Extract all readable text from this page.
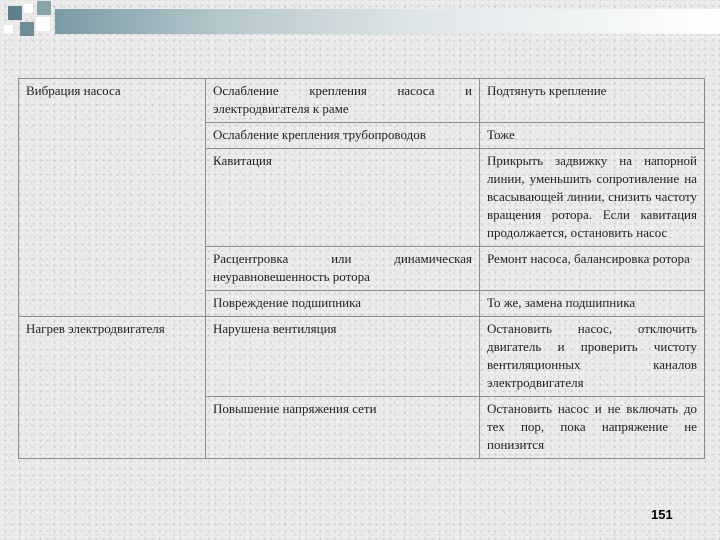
Вибрация насоса	Ослабление крепления насоса и электродвигателя к раме	Подтянуть крепление
	Ослабление крепления трубопроводов	Тоже
	Кавитация	Прикрыть задвижку на напорной линии, уменьшить сопротивление на всасывающей линии, снизить частоту вращения ротора. Если кавитация продолжается, остановить насос
	Расцентровка или динамическая неуравновешенность ротора	Ремонт насоса, балансировка ротора
	Повреждение подшипника	То же, замена подшипника
Нагрев электродвигателя	Нарушена вентиляция	Остановить насос, отключить двигатель и проверить чистоту вентиляционных каналов электродвигателя
	Повышение напряжения сети	Остановить насос и не включать до тех пор, пока напряжение не понизится
151
